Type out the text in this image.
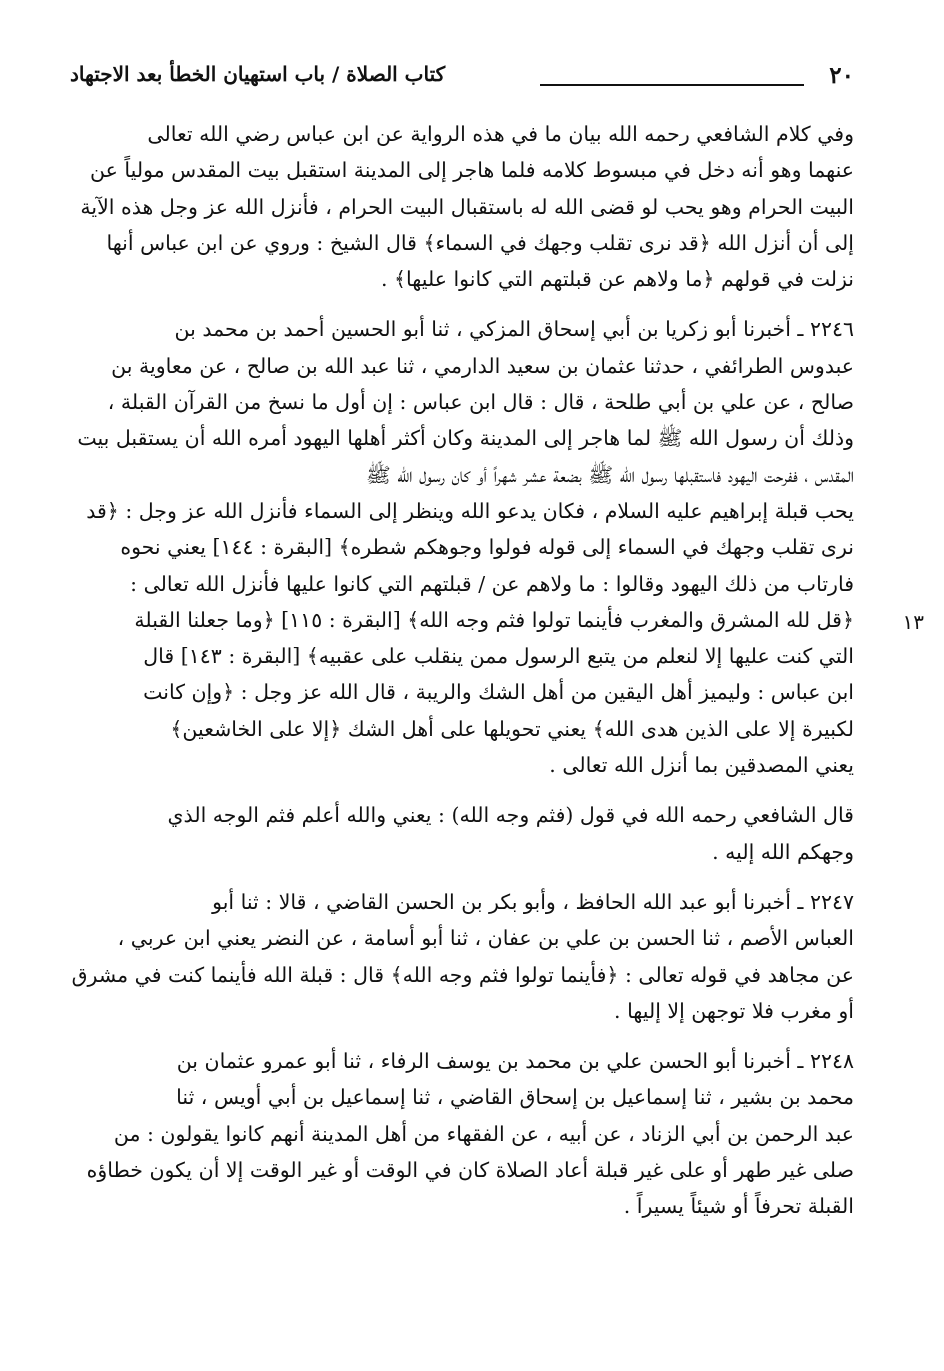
٢٠
كتاب الصلاة / باب استهيان الخطأ بعد الاجتهاد
١٣
وفي كلام الشافعي رحمه الله بيان ما في هذه الرواية عن ابن عباس رضي الله تعالى
عنهما وهو أنه دخل في مبسوط كلامه فلما هاجر إلى المدينة استقبل بيت المقدس مولياً عن
البيت الحرام وهو يحب لو قضى الله له باستقبال البيت الحرام ، فأنزل الله عز وجل هذه الآية
إلى أن أنزل الله ﴿قد نرى تقلب وجهك في السماء﴾ قال الشيخ : وروي عن ابن عباس أنها
نزلت في قولهم ﴿ما ولاهم عن قبلتهم التي كانوا عليها﴾ .
٢٢٤٦ ـ أخبرنا أبو زكريا بن أبي إسحاق المزكي ، ثنا أبو الحسين أحمد بن محمد بن
عبدوس الطرائفي ، حدثنا عثمان بن سعيد الدارمي ، ثنا عبد الله بن صالح ، عن معاوية بن
صالح ، عن علي بن أبي طلحة ، قال : قال ابن عباس : إن أول ما نسخ من القرآن القبلة ،
وذلك أن رسول الله ﷺ لما هاجر إلى المدينة وكان أكثر أهلها اليهود أمره الله أن يستقبل بيت
المقدس ، ففرحت اليهود فاستقبلها رسول الله ﷺ بضعة عشر شهراً أو كان رسول الله ﷺ
يحب قبلة إبراهيم عليه السلام ، فكان يدعو الله وينظر إلى السماء فأنزل الله عز وجل : ﴿قد
نرى تقلب وجهك في السماء إلى قوله فولوا وجوهكم شطره﴾ [البقرة : ١٤٤] يعني نحوه
فارتاب من ذلك اليهود وقالوا : ما ولاهم عن / قبلتهم التي كانوا عليها فأنزل الله تعالى :
﴿قل لله المشرق والمغرب فأينما تولوا فثم وجه الله﴾ [البقرة : ١١٥] ﴿وما جعلنا القبلة
التي كنت عليها إلا لنعلم من يتبع الرسول ممن ينقلب على عقبيه﴾ [البقرة : ١٤٣] قال
ابن عباس : وليميز أهل اليقين من أهل الشك والريبة ، قال الله عز وجل : ﴿وإن كانت
لكبيرة إلا على الذين هدى الله﴾ يعني تحويلها على أهل الشك ﴿إلا على الخاشعين﴾
يعني المصدقين بما أنزل الله تعالى .
قال الشافعي رحمه الله في قول (فثم وجه الله) : يعني والله أعلم فثم الوجه الذي
وجهكم الله إليه .
٢٢٤٧ ـ أخبرنا أبو عبد الله الحافظ ، وأبو بكر بن الحسن القاضي ، قالا : ثنا أبو
العباس الأصم ، ثنا الحسن بن علي بن عفان ، ثنا أبو أسامة ، عن النضر يعني ابن عربي ،
عن مجاهد في قوله تعالى : ﴿فأينما تولوا فثم وجه الله﴾ قال : قبلة الله فأينما كنت في مشرق
أو مغرب فلا توجهن إلا إليها .
٢٢٤٨ ـ أخبرنا أبو الحسن علي بن محمد بن يوسف الرفاء ، ثنا أبو عمرو عثمان بن
محمد بن بشير ، ثنا إسماعيل بن إسحاق القاضي ، ثنا إسماعيل بن أبي أويس ، ثنا
عبد الرحمن بن أبي الزناد ، عن أبيه ، عن الفقهاء من أهل المدينة أنهم كانوا يقولون : من
صلى غير طهر أو على غير قبلة أعاد الصلاة كان في الوقت أو غير الوقت إلا أن يكون خطاؤه
القبلة تحرفاً أو شيئاً يسيراً .
